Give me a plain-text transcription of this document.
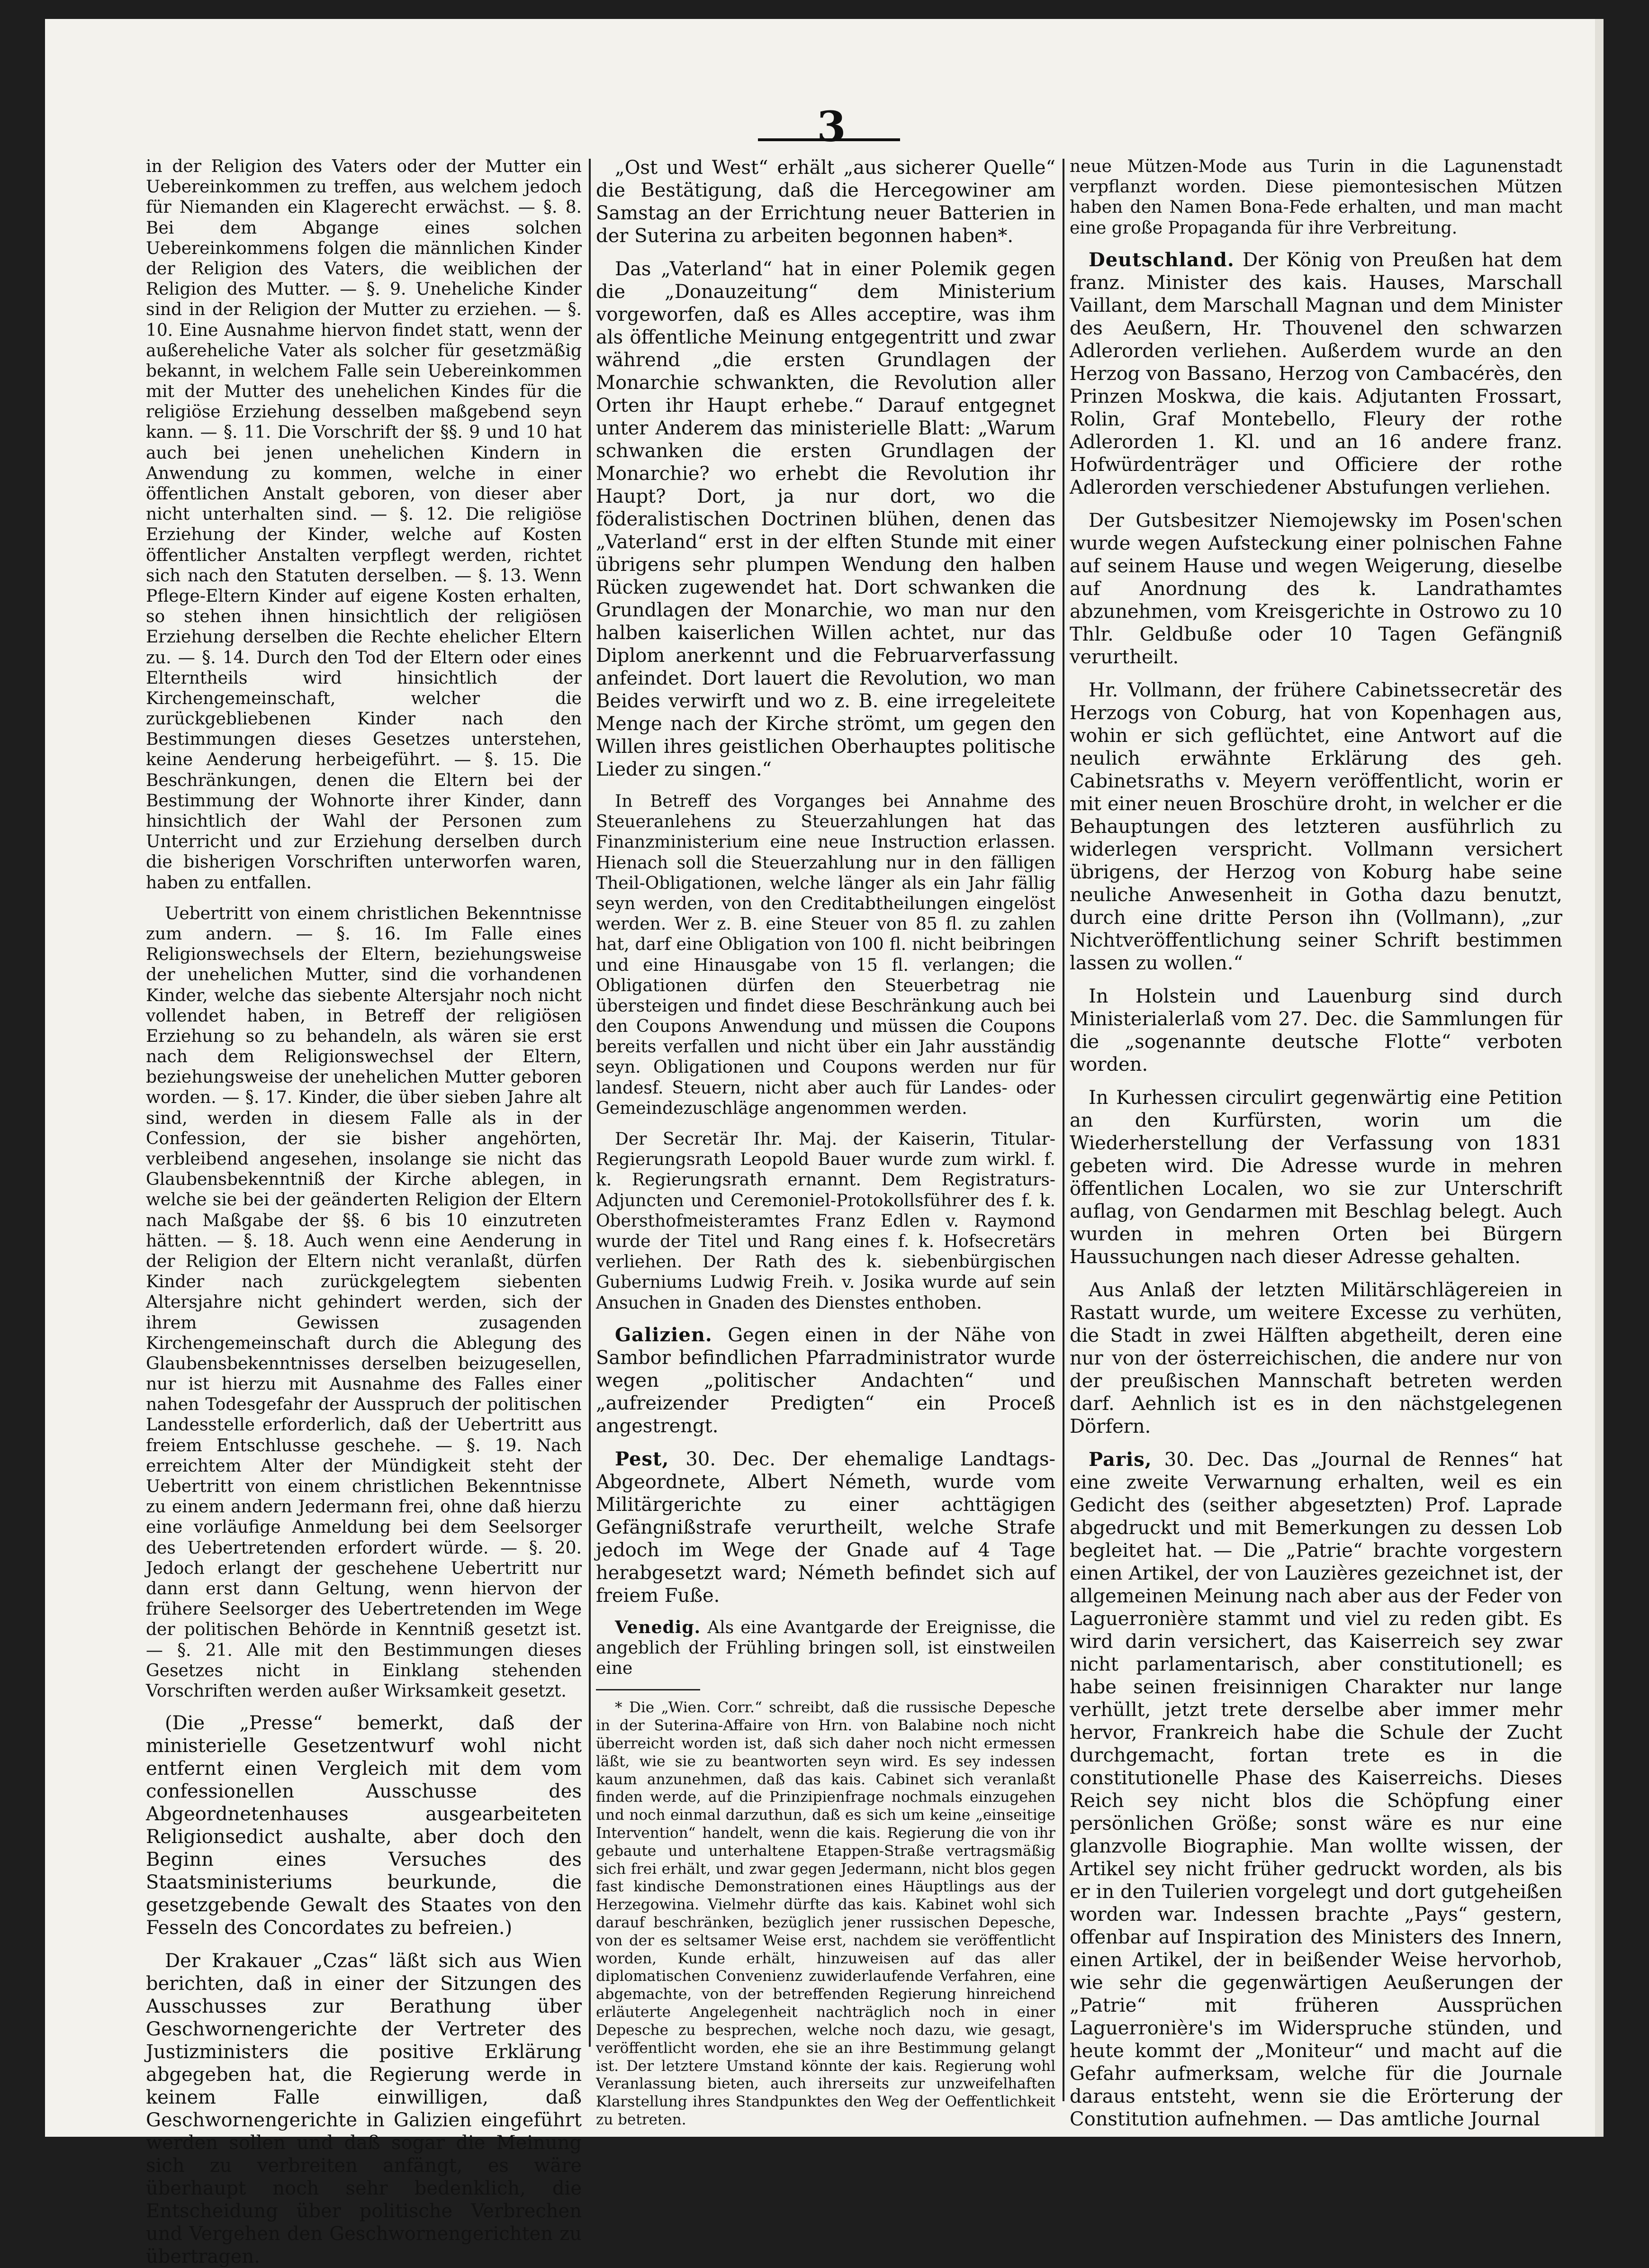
3

in der Religion des Vaters oder der Mutter ein Uebereinkommen zu treffen, aus welchem jedoch für Niemanden ein Klagerecht erwächst. — §. 8. Bei dem Abgange eines solchen Uebereinkommens folgen die männlichen Kinder der Religion des Vaters, die weiblichen der Religion des Mutter. — §. 9. Uneheliche Kinder sind in der Religion der Mutter zu erziehen. — §. 10. Eine Ausnahme hiervon findet statt, wenn der außereheliche Vater als solcher für gesetzmäßig bekannt, in welchem Falle sein Uebereinkommen mit der Mutter des unehelichen Kindes für die religiöse Erziehung desselben maßgebend seyn kann. — §. 11. Die Vorschrift der §§. 9 und 10 hat auch bei jenen unehelichen Kindern in Anwendung zu kommen, welche in einer öffentlichen Anstalt geboren, von dieser aber nicht unterhalten sind. — §. 12. Die religiöse Erziehung der Kinder, welche auf Kosten öffentlicher Anstalten verpflegt werden, richtet sich nach den Statuten derselben. — §. 13. Wenn Pflege-Eltern Kinder auf eigene Kosten erhalten, so stehen ihnen hinsichtlich der religiösen Erziehung derselben die Rechte ehelicher Eltern zu. — §. 14. Durch den Tod der Eltern oder eines Elterntheils wird hinsichtlich der Kirchengemeinschaft, welcher die zurückgebliebenen Kinder nach den Bestimmungen dieses Gesetzes unterstehen, keine Aenderung herbeigeführt. — §. 15. Die Beschränkungen, denen die Eltern bei der Bestimmung der Wohnorte ihrer Kinder, dann hinsichtlich der Wahl der Personen zum Unterricht und zur Erziehung derselben durch die bisherigen Vorschriften unterworfen waren, haben zu entfallen.

Uebertritt von einem christlichen Bekenntnisse zum andern. — §. 16. Im Falle eines Religionswechsels der Eltern, beziehungsweise der unehelichen Mutter, sind die vorhandenen Kinder, welche das siebente Altersjahr noch nicht vollendet haben, in Betreff der religiösen Erziehung so zu behandeln, als wären sie erst nach dem Religionswechsel der Eltern, beziehungsweise der unehelichen Mutter geboren worden. — §. 17. Kinder, die über sieben Jahre alt sind, werden in diesem Falle als in der Confession, der sie bisher angehörten, verbleibend angesehen, insolange sie nicht das Glaubensbekenntniß der Kirche ablegen, in welche sie bei der geänderten Religion der Eltern nach Maßgabe der §§. 6 bis 10 einzutreten hätten. — §. 18. Auch wenn eine Aenderung in der Religion der Eltern nicht veranlaßt, dürfen Kinder nach zurückgelegtem siebenten Altersjahre nicht gehindert werden, sich der ihrem Gewissen zusagenden Kirchengemeinschaft durch die Ablegung des Glaubensbekenntnisses derselben beizugesellen, nur ist hierzu mit Ausnahme des Falles einer nahen Todesgefahr der Ausspruch der politischen Landesstelle erforderlich, daß der Uebertritt aus freiem Entschlusse geschehe. — §. 19. Nach erreichtem Alter der Mündigkeit steht der Uebertritt von einem christlichen Bekenntnisse zu einem andern Jedermann frei, ohne daß hierzu eine vorläufige Anmeldung bei dem Seelsorger des Uebertretenden erfordert würde. — §. 20. Jedoch erlangt der geschehene Uebertritt nur dann erst dann Geltung, wenn hiervon der frühere Seelsorger des Uebertretenden im Wege der politischen Behörde in Kenntniß gesetzt ist. — §. 21. Alle mit den Bestimmungen dieses Gesetzes nicht in Einklang stehenden Vorschriften werden außer Wirksamkeit gesetzt.

(Die „Presse“ bemerkt, daß der ministerielle Gesetzentwurf wohl nicht entfernt einen Vergleich mit dem vom confessionellen Ausschusse des Abgeordnetenhauses ausgearbeiteten Religionsedict aushalte, aber doch den Beginn eines Versuches des Staatsministeriums beurkunde, die gesetzgebende Gewalt des Staates von den Fesseln des Concordates zu befreien.)

Der Krakauer „Czas“ läßt sich aus Wien berichten, daß in einer der Sitzungen des Ausschusses zur Berathung über Geschwornengerichte der Vertreter des Justizministers die positive Erklärung abgegeben hat, die Regierung werde in keinem Falle einwilligen, daß Geschwornengerichte in Galizien eingeführt werden sollen und daß sogar die Meinung sich zu verbreiten anfängt, es wäre überhaupt noch sehr bedenklich, die Entscheidung über politische Verbrechen und Vergehen den Geschwornengerichten zu übertragen.

„Ost und West“ erhält „aus sicherer Quelle“ die Bestätigung, daß die Hercegowiner am Samstag an der Errichtung neuer Batterien in der Suterina zu arbeiten begonnen haben*.

Das „Vaterland“ hat in einer Polemik gegen die „Donauzeitung“ dem Ministerium vorgeworfen, daß es Alles acceptire, was ihm als öffentliche Meinung entgegentritt und zwar während „die ersten Grundlagen der Monarchie schwankten, die Revolution aller Orten ihr Haupt erhebe.“ Darauf entgegnet unter Anderem das ministerielle Blatt: „Warum schwanken die ersten Grundlagen der Monarchie? wo erhebt die Revolution ihr Haupt? Dort, ja nur dort, wo die föderalistischen Doctrinen blühen, denen das „Vaterland“ erst in der elften Stunde mit einer übrigens sehr plumpen Wendung den halben Rücken zugewendet hat. Dort schwanken die Grundlagen der Monarchie, wo man nur den halben kaiserlichen Willen achtet, nur das Diplom anerkennt und die Februarverfassung anfeindet. Dort lauert die Revolution, wo man Beides verwirft und wo z. B. eine irregeleitete Menge nach der Kirche strömt, um gegen den Willen ihres geistlichen Oberhauptes politische Lieder zu singen.“

In Betreff des Vorganges bei Annahme des Steueranlehens zu Steuerzahlungen hat das Finanzministerium eine neue Instruction erlassen. Hienach soll die Steuerzahlung nur in den fälligen Theil-Obligationen, welche länger als ein Jahr fällig seyn werden, von den Creditabtheilungen eingelöst werden. Wer z. B. eine Steuer von 85 fl. zu zahlen hat, darf eine Obligation von 100 fl. nicht beibringen und eine Hinausgabe von 15 fl. verlangen; die Obligationen dürfen den Steuerbetrag nie übersteigen und findet diese Beschränkung auch bei den Coupons Anwendung und müssen die Coupons bereits verfallen und nicht über ein Jahr ausständig seyn. Obligationen und Coupons werden nur für landesf. Steuern, nicht aber auch für Landes- oder Gemeindezuschläge angenommen werden.

Der Secretär Ihr. Maj. der Kaiserin, Titular-Regierungsrath Leopold Bauer wurde zum wirkl. f. k. Regierungsrath ernannt. Dem Registraturs-Adjuncten und Ceremoniel-Protokollsführer des f. k. Obersthofmeisteramtes Franz Edlen v. Raymond wurde der Titel und Rang eines f. k. Hofsecretärs verliehen. Der Rath des k. siebenbürgischen Guberniums Ludwig Freih. v. Josika wurde auf sein Ansuchen in Gnaden des Dienstes enthoben.

Galizien. Gegen einen in der Nähe von Sambor befindlichen Pfarradministrator wurde wegen „politischer Andachten“ und „aufreizender Predigten“ ein Proceß angestrengt.

Pest, 30. Dec. Der ehemalige Landtags-Abgeordnete, Albert Németh, wurde vom Militärgerichte zu einer achttägigen Gefängnißstrafe verurtheilt, welche Strafe jedoch im Wege der Gnade auf 4 Tage herabgesetzt ward; Németh befindet sich auf freiem Fuße.

Venedig. Als eine Avantgarde der Ereignisse, die angeblich der Frühling bringen soll, ist einstweilen eine

* Die „Wien. Corr.“ schreibt, daß die russische Depesche in der Suterina-Affaire von Hrn. von Balabine noch nicht überreicht worden ist, daß sich daher noch nicht ermessen läßt, wie sie zu beantworten seyn wird. Es sey indessen kaum anzunehmen, daß das kais. Cabinet sich veranlaßt finden werde, auf die Prinzipienfrage nochmals einzugehen und noch einmal darzuthun, daß es sich um keine „einseitige Intervention“ handelt, wenn die kais. Regierung die von ihr gebaute und unterhaltene Etappen-Straße vertragsmäßig sich frei erhält, und zwar gegen Jedermann, nicht blos gegen fast kindische Demonstrationen eines Häuptlings aus der Herzegowina. Vielmehr dürfte das kais. Kabinet wohl sich darauf beschränken, bezüglich jener russischen Depesche, von der es seltsamer Weise erst, nachdem sie veröffentlicht worden, Kunde erhält, hinzuweisen auf das aller diplomatischen Convenienz zuwiderlaufende Verfahren, eine abgemachte, von der betreffenden Regierung hinreichend erläuterte Angelegenheit nachträglich noch in einer Depesche zu besprechen, welche noch dazu, wie gesagt, veröffentlicht worden, ehe sie an ihre Bestimmung gelangt ist. Der letztere Umstand könnte der kais. Regierung wohl Veranlassung bieten, auch ihrerseits zur unzweifelhaften Klarstellung ihres Standpunktes den Weg der Oeffentlichkeit zu betreten.

neue Mützen-Mode aus Turin in die Lagunenstadt verpflanzt worden. Diese piemontesischen Mützen haben den Namen Bona-Fede erhalten, und man macht eine große Propaganda für ihre Verbreitung.

Deutschland. Der König von Preußen hat dem franz. Minister des kais. Hauses, Marschall Vaillant, dem Marschall Magnan und dem Minister des Aeußern, Hr. Thouvenel den schwarzen Adlerorden verliehen. Außerdem wurde an den Herzog von Bassano, Herzog von Cambacérès, den Prinzen Moskwa, die kais. Adjutanten Frossart, Rolin, Graf Montebello, Fleury der rothe Adlerorden 1. Kl. und an 16 andere franz. Hofwürdenträger und Officiere der rothe Adlerorden verschiedener Abstufungen verliehen.

Der Gutsbesitzer Niemojewsky im Posen'schen wurde wegen Aufsteckung einer polnischen Fahne auf seinem Hause und wegen Weigerung, dieselbe auf Anordnung des k. Landrathamtes abzunehmen, vom Kreisgerichte in Ostrowo zu 10 Thlr. Geldbuße oder 10 Tagen Gefängniß verurtheilt.

Hr. Vollmann, der frühere Cabinetssecretär des Herzogs von Coburg, hat von Kopenhagen aus, wohin er sich geflüchtet, eine Antwort auf die neulich erwähnte Erklärung des geh. Cabinetsraths v. Meyern veröffentlicht, worin er mit einer neuen Broschüre droht, in welcher er die Behauptungen des letzteren ausführlich zu widerlegen verspricht. Vollmann versichert übrigens, der Herzog von Koburg habe seine neuliche Anwesenheit in Gotha dazu benutzt, durch eine dritte Person ihn (Vollmann), „zur Nichtveröffentlichung seiner Schrift bestimmen lassen zu wollen.“

In Holstein und Lauenburg sind durch Ministerialerlaß vom 27. Dec. die Sammlungen für die „sogenannte deutsche Flotte“ verboten worden.

In Kurhessen circulirt gegenwärtig eine Petition an den Kurfürsten, worin um die Wiederherstellung der Verfassung von 1831 gebeten wird. Die Adresse wurde in mehren öffentlichen Localen, wo sie zur Unterschrift auflag, von Gendarmen mit Beschlag belegt. Auch wurden in mehren Orten bei Bürgern Haussuchungen nach dieser Adresse gehalten.

Aus Anlaß der letzten Militärschlägereien in Rastatt wurde, um weitere Excesse zu verhüten, die Stadt in zwei Hälften abgetheilt, deren eine nur von der österreichischen, die andere nur von der preußischen Mannschaft betreten werden darf. Aehnlich ist es in den nächstgelegenen Dörfern.

Paris, 30. Dec. Das „Journal de Rennes“ hat eine zweite Verwarnung erhalten, weil es ein Gedicht des (seither abgesetzten) Prof. Laprade abgedruckt und mit Bemerkungen zu dessen Lob begleitet hat. — Die „Patrie“ brachte vorgestern einen Artikel, der von Lauzières gezeichnet ist, der allgemeinen Meinung nach aber aus der Feder von Laguerronière stammt und viel zu reden gibt. Es wird darin versichert, das Kaiserreich sey zwar nicht parlamentarisch, aber constitutionell; es habe seinen freisinnigen Charakter nur lange verhüllt, jetzt trete derselbe aber immer mehr hervor, Frankreich habe die Schule der Zucht durchgemacht, fortan trete es in die constitutionelle Phase des Kaiserreichs. Dieses Reich sey nicht blos die Schöpfung einer persönlichen Größe; sonst wäre es nur eine glanzvolle Biographie. Man wollte wissen, der Artikel sey nicht früher gedruckt worden, als bis er in den Tuilerien vorgelegt und dort gutgeheißen worden war. Indessen brachte „Pays“ gestern, offenbar auf Inspiration des Ministers des Innern, einen Artikel, der in beißender Weise hervorhob, wie sehr die gegenwärtigen Aeußerungen der „Patrie“ mit früheren Aussprüchen Laguerronière's im Widerspruche stünden, und heute kommt der „Moniteur“ und macht auf die Gefahr aufmerksam, welche für die Journale daraus entsteht, wenn sie die Erörterung der Constitution aufnehmen. — Das amtliche Journal
